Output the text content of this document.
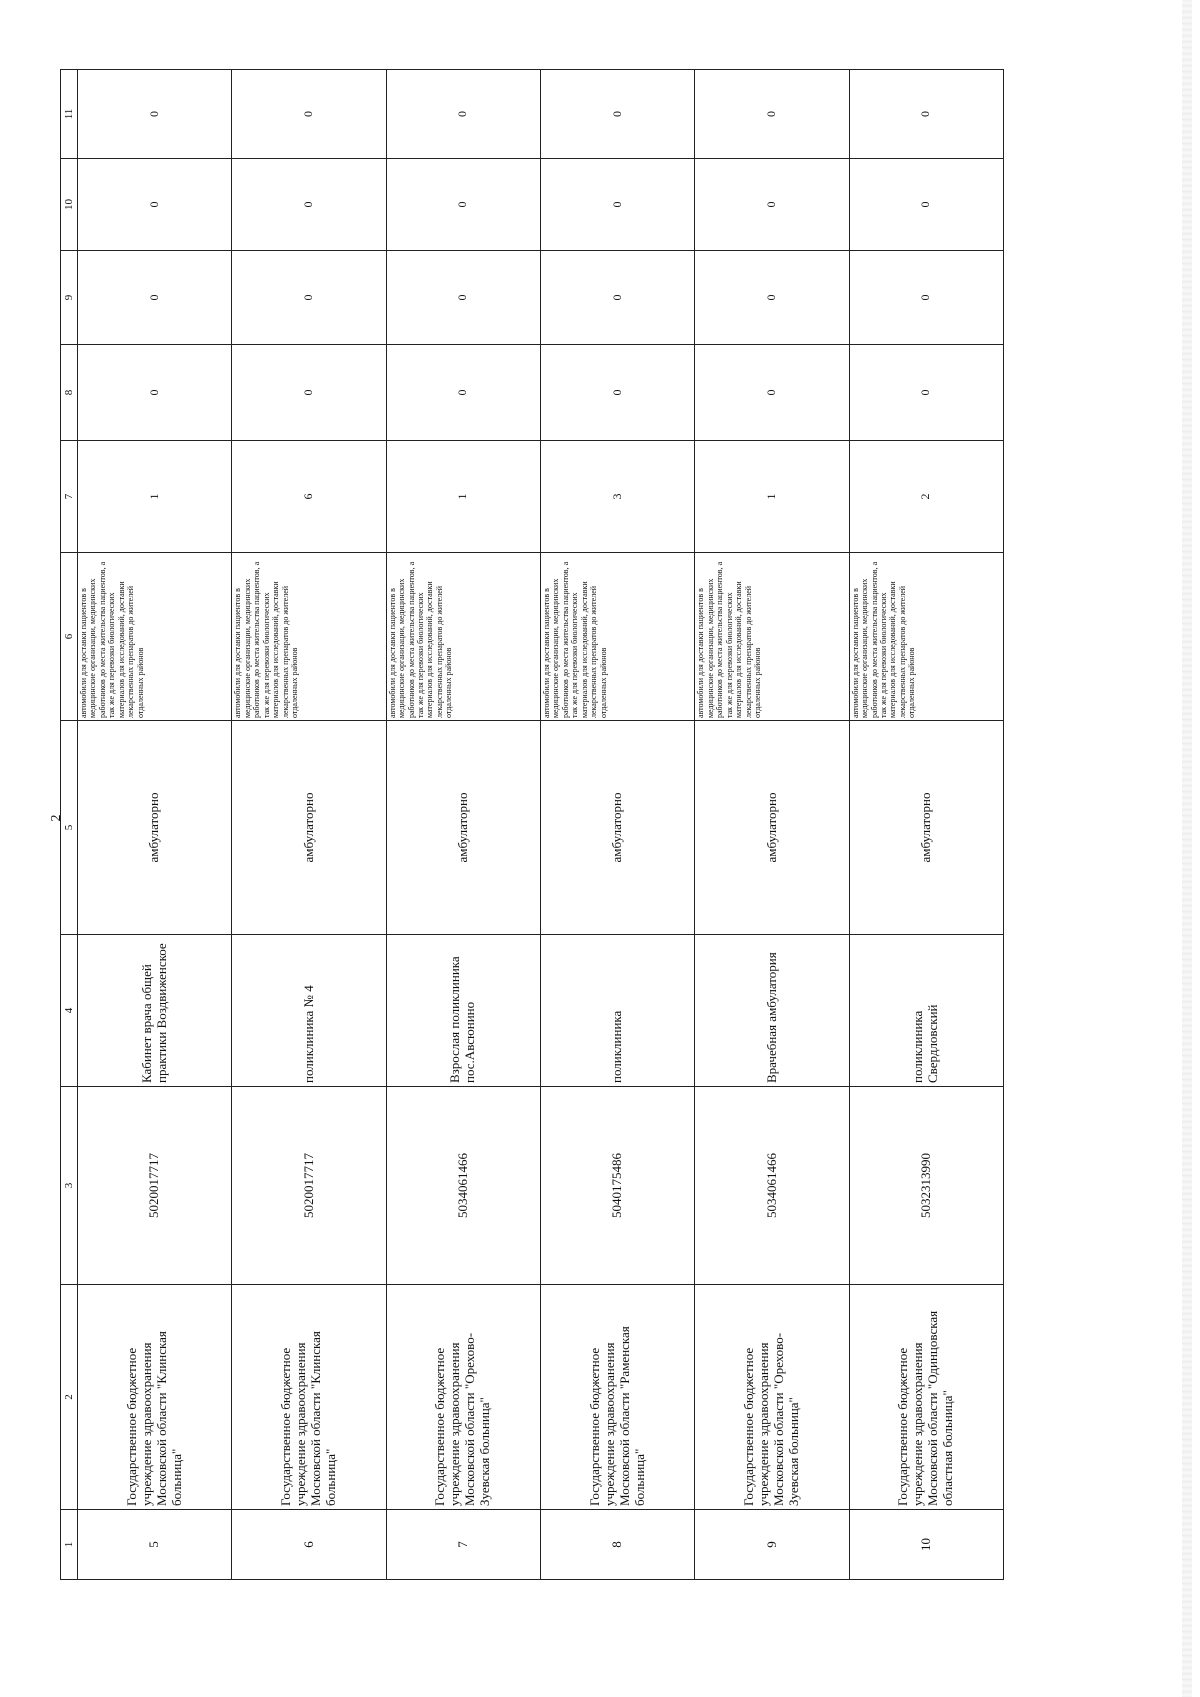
2
1	2	3	4	5	6	7	8	9	10	11
5	Государственное бюджетное учреждение здравоохранения Московской области "Клинская больница"	5020017717	Кабинет врача общей практики Воздвиженское	амбулаторно	автомобили для доставки пациентов в медицинские организации, медицинских работников до места жительства пациентов, а так же для перевозки биологических материалов для исследований, доставки лекарственных препаратов до жителей отдаленных районов	1	0	0	0	0
6	Государственное бюджетное учреждение здравоохранения Московской области "Клинская больница"	5020017717	поликлиника № 4	амбулаторно	автомобили для доставки пациентов в медицинские организации, медицинских работников до места жительства пациентов, а так же для перевозки биологических материалов для исследований, доставки лекарственных препаратов до жителей отдаленных районов	6	0	0	0	0
7	Государственное бюджетное учреждение здравоохранения Московской области "Орехово-Зуевская больница"	5034061466	Взрослая поликлиника пос.Авсюнино	амбулаторно	автомобили для доставки пациентов в медицинские организации, медицинских работников до места жительства пациентов, а так же для перевозки биологических материалов для исследований, доставки лекарственных препаратов до жителей отдаленных районов	1	0	0	0	0
8	Государственное бюджетное учреждение здравоохранения Московской области "Раменская больница"	5040175486	поликлиника	амбулаторно	автомобили для доставки пациентов в медицинские организации, медицинских работников до места жительства пациентов, а так же для перевозки биологических материалов для исследований, доставки лекарственных препаратов до жителей отдаленных районов	3	0	0	0	0
9	Государственное бюджетное учреждение здравоохранения Московской области "Орехово-Зуевская больница"	5034061466	Врачебная амбулатория	амбулаторно	автомобили для доставки пациентов в медицинские организации, медицинских работников до места жительства пациентов, а так же для перевозки биологических материалов для исследований, доставки лекарственных препаратов до жителей отдаленных районов	1	0	0	0	0
10	Государственное бюджетное учреждение здравоохранения Московской области "Одинцовская областная больница"	5032313990	поликлиника Свердловский	амбулаторно	автомобили для доставки пациентов в медицинские организации, медицинских работников до места жительства пациентов, а так же для перевозки биологических материалов для исследований, доставки лекарственных препаратов до жителей отдаленных районов	2	0	0	0	0
